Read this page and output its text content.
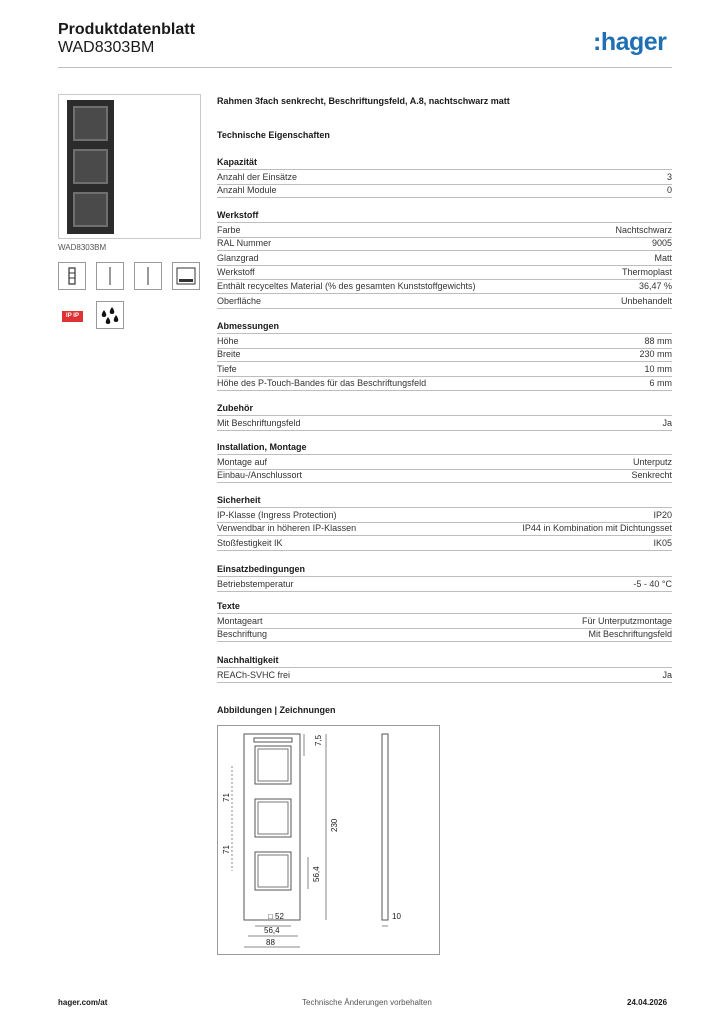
Produktdatenblatt
WAD8303BM	:hager
WAD8303BM
IP IP
Rahmen 3fach senkrecht, Beschriftungsfeld, A.8, nachtschwarz matt
Technische Eigenschaften
Kapazität
Anzahl der Einsätze	3
Anzahl Module	0
Werkstoff
Farbe	Nachtschwarz
RAL Nummer	9005
Glanzgrad	Matt
Werkstoff	Thermoplast
Enthält recyceltes Material (% des gesamten Kunststoffgewichts)	36,47 %
Oberfläche	Unbehandelt
Abmessungen
Höhe	88 mm
Breite	230 mm
Tiefe	10 mm
Höhe des P-Touch-Bandes für das Beschriftungsfeld	6 mm
Zubehör
Mit Beschriftungsfeld	Ja
Installation, Montage
Montage auf	Unterputz
Einbau-/Anschlussort	Senkrecht
Sicherheit
IP-Klasse (Ingress Protection)	IP20
Verwendbar in höheren IP-Klassen	IP44 in Kombination mit Dichtungsset
Stoßfestigkeit IK	IK05
Einsatzbedingungen
Betriebstemperatur	-5 - 40 °C
Texte
Montageart	Für Unterputzmontage
Beschriftung	Mit Beschriftungsfeld
Nachhaltigkeit
REACh-SVHC frei	Ja
Abbildungen | Zeichnungen
7,5
71
71
230
56,4
□ 52
56,4
88
10
hager.com/at	Technische Änderungen vorbehalten	24.04.2026
